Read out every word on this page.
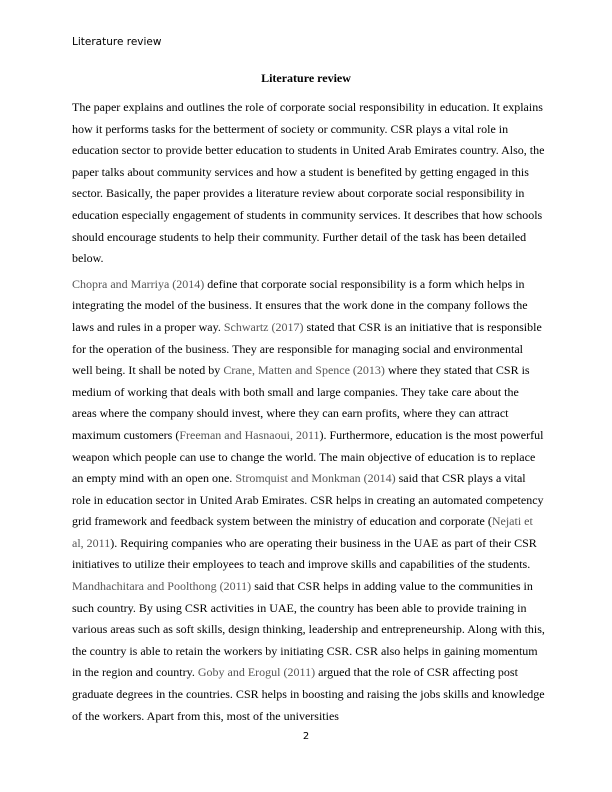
Literature review
Literature review

The paper explains and outlines the role of corporate social responsibility in education. It explains how it performs tasks for the betterment of society or community. CSR plays a vital role in education sector to provide better education to students in United Arab Emirates country. Also, the paper talks about community services and how a student is benefited by getting engaged in this sector. Basically, the paper provides a literature review about corporate social responsibility in education especially engagement of students in community services. It describes that how schools should encourage students to help their community. Further detail of the task has been detailed below.

Chopra and Marriya (2014) define that corporate social responsibility is a form which helps in integrating the model of the business. It ensures that the work done in the company follows the laws and rules in a proper way. Schwartz (2017) stated that CSR is an initiative that is responsible for the operation of the business. They are responsible for managing social and environmental well being. It shall be noted by Crane, Matten and Spence (2013) where they stated that CSR is medium of working that deals with both small and large companies. They take care about the areas where the company should invest, where they can earn profits, where they can attract maximum customers (Freeman and Hasnaoui, 2011). Furthermore, education is the most powerful weapon which people can use to change the world. The main objective of education is to replace an empty mind with an open one. Stromquist and Monkman (2014) said that CSR plays a vital role in education sector in United Arab Emirates. CSR helps in creating an automated competency grid framework and feedback system between the ministry of education and corporate (Nejati et al, 2011). Requiring companies who are operating their business in the UAE as part of their CSR initiatives to utilize their employees to teach and improve skills and capabilities of the students. Mandhachitara and Poolthong (2011) said that CSR helps in adding value to the communities in such country. By using CSR activities in UAE, the country has been able to provide training in various areas such as soft skills, design thinking, leadership and entrepreneurship. Along with this, the country is able to retain the workers by initiating CSR. CSR also helps in gaining momentum in the region and country. Goby and Erogul (2011) argued that the role of CSR affecting post graduate degrees in the countries. CSR helps in boosting and raising the jobs skills and knowledge of the workers. Apart from this, most of the universities

2
